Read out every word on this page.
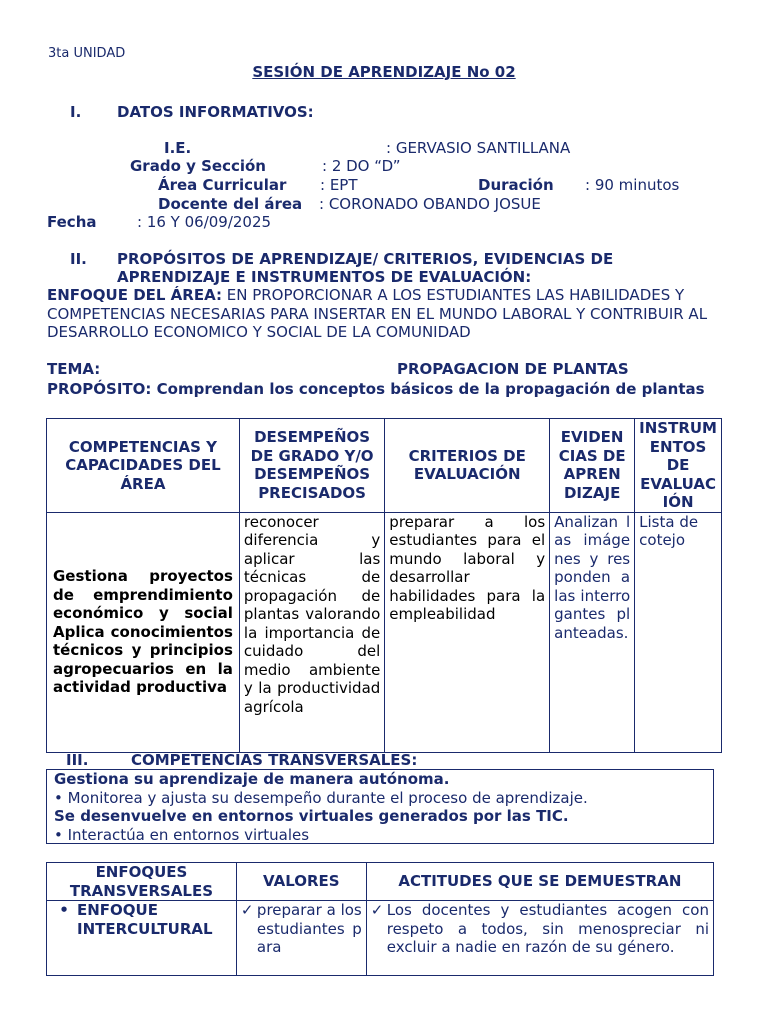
3ta UNIDAD
SESIÓN DE APRENDIZAJE No 02
I. DATOS INFORMATIVOS:
I.E.	: GERVASIO SANTILLANA
Grado y Sección	: 2 DO “D”
Área Curricular : EPT	Duración : 90 minutos
Docente del área : CORONADO OBANDO JOSUE
Fecha	: 16 Y 06/09/2025
II. PROPÓSITOS DE APRENDIZAJE/ CRITERIOS, EVIDENCIAS DE
APRENDIZAJE E INSTRUMENTOS DE EVALUACIÓN:
ENFOQUE DEL ÁREA: EN PROPORCIONAR A LOS ESTUDIANTES LAS HABILIDADES Y COMPETENCIAS NECESARIAS PARA INSERTAR EN EL MUNDO LABORAL Y CONTRIBUIR AL DESARROLLO ECONOMICO Y SOCIAL DE LA COMUNIDAD
TEMA:	PROPAGACION DE PLANTAS
PROPÓSITO: Comprendan los conceptos básicos de la propagación de plantas
COMPETENCIAS Y CAPACIDADES DEL ÁREA	DESEMPEÑOS DE GRADO Y/O DESEMPEÑOS PRECISADOS	CRITERIOS DE EVALUACIÓN	EVIDEN CIAS DE APREN DIZAJE	INSTRUM ENTOS DE EVALUAC IÓN
Gestiona proyectos de emprendimiento económico y social Aplica conocimientos técnicos y principios agropecuarios en la actividad productiva	reconocer diferencia y aplicar las técnicas de propagación de plantas valorando la importancia de cuidado del medio ambiente y la productividad agrícola	preparar a los estudiantes para el mundo laboral y desarrollar habilidades para la empleabilidad	Analizan las imágenes y responden a las interrogantes planteadas.	Lista de cotejo
III.	COMPETENCIAS TRANSVERSALES:
Gestiona su aprendizaje de manera autónoma.
• Monitorea y ajusta su desempeño durante el proceso de aprendizaje.
Se desenvuelve en entornos virtuales generados por las TIC.
• Interactúa en entornos virtuales
ENFOQUES TRANSVERSALES	VALORES	ACTITUDES QUE SE DEMUESTRAN

• ENFOQUE INTERCULTURAL	✓ preparar a los estudiantes para	✓ Los docentes y estudiantes acogen con respeto a todos, sin menospreciar ni excluir a nadie en razón de su género.
